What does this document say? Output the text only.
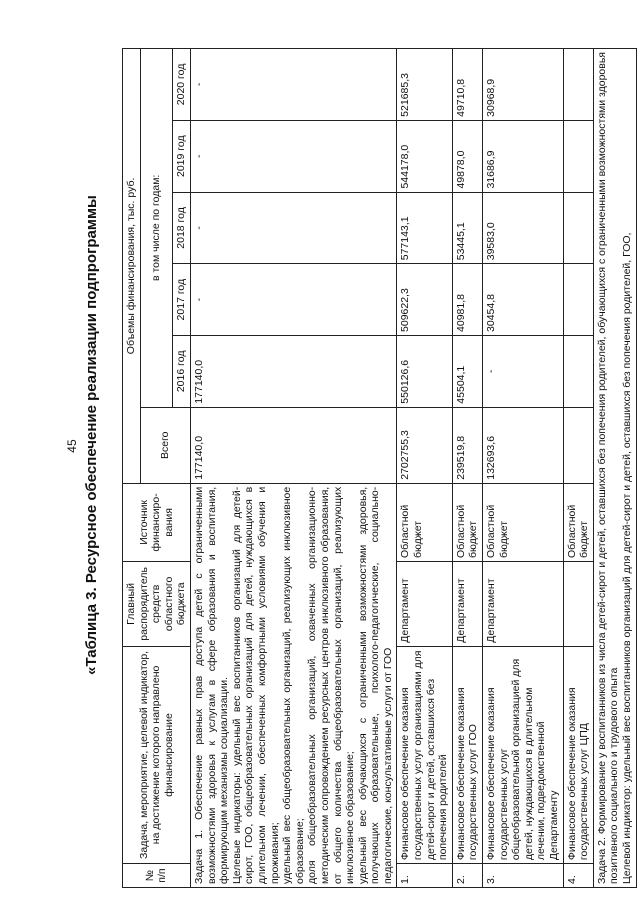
45 «Таблица 3. Ресурсное обеспечение реализации подпрограммы
№ п/п	Задача, мероприятие, целевой индикатор, на достижение которого направлено финансирование	Главный распорядитель средств областного бюджета	Источник финансиро-вания	Объемы финансирования, тыс. руб.					
				Всего	в том числе по годам:				
					2016 год	2017 год	2018 год	2019 год	2020 год

Задача 1. Обеспечение равных прав доступа детей с ограниченными возможностями здоровья к услугам в сфере образования и воспитания, формирующим механизмы социализации. Целевые индикаторы: удельный вес воспитанников организаций для детей-сирот, ГОО, общеобразовательных организаций для детей, нуждающихся в длительном лечении, обеспеченных комфортными условиями обучения и проживания; удельный вес общеобразовательных организаций, реализующих инклюзивное образование; доля общеобразовательных организаций, охваченных организационно-методическим сопровождением ресурсных центров инклюзивного образования, от общего количества общеобразовательных организаций, реализующих инклюзивное образование; удельный вес обучающихся с ограниченными возможностями здоровья, получающих образовательные, психолого-педагогические, социально-педагогические, консультативные услуги от ГОО				177140,0	177140,0	-	-	-	-
1.	Финансовое обеспечение оказания государственных услуг организациями для детей-сирот и детей, оставшихся без попечения родителей	Департамент	Областной бюджет	2702755,3	550126,6	509622,3	577143,1	544178,0	521685,3
2.	Финансовое обеспечение оказания государственных услуг ГОО	Департамент	Областной бюджет	239519,8	45504,1	40981,8	53445,1	49878,0	49710,8
3.	Финансовое обеспечение оказания государственных услуг общеобразовательной организацией для детей, нуждающихся в длительном лечении, подведомственной Департаменту	Департамент	Областной бюджет	132693,6	-	30454,8	39583,0	31686,9	30968,9
4.	Финансовое обеспечение оказания государственных услуг ЦПД		Областной бюджет						

Задача 2. Формирование у воспитанников из числа детей-сирот и детей, оставшихся без попечения родителей, обучающихся с ограниченными возможностями здоровья позитивного социального и трудового опыта Целевой индикатор: удельный вес воспитанников организаций для детей-сирот и детей, оставшихся без попечения родителей, ГОО,									
